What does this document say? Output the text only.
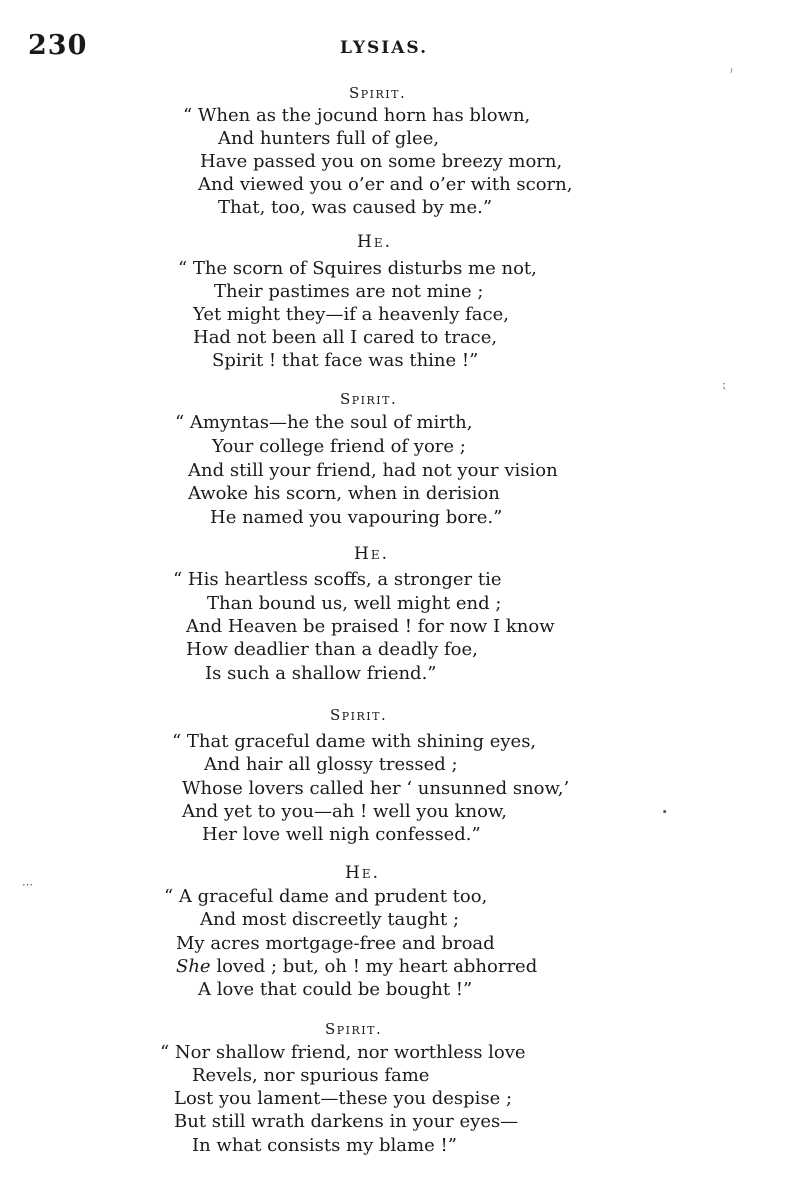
230	LYSIAS.
Spirit.
“ When as the jocund horn has blown,
And hunters full of glee,
Have passed you on some breezy morn,
And viewed you o’er and o’er with scorn,
That, too, was caused by me.”
He.
“ The scorn of Squires disturbs me not,
Their pastimes are not mine ;
Yet might they—if a heavenly face,
Had not been all I cared to trace,
Spirit ! that face was thine !”
Spirit.
“ Amyntas—he the soul of mirth,
Your college friend of yore ;
And still your friend, had not your vision
Awoke his scorn, when in derision
He named you vapouring bore.”
He.
“ His heartless scoffs, a stronger tie
Than bound us, well might end ;
And Heaven be praised ! for now I know
How deadlier than a deadly foe,
Is such a shallow friend.”
Spirit.
“ That graceful dame with shining eyes,
And hair all glossy tressed ;
Whose lovers called her ‘ unsunned snow,’
And yet to you—ah ! well you know,
Her love well nigh confessed.”
He.
“ A graceful dame and prudent too,
And most discreetly taught ;
My acres mortgage-free and broad
She loved ; but, oh ! my heart abhorred
A love that could be bought !”
Spirit.
“ Nor shallow friend, nor worthless love
Revels, nor spurious fame
Lost you lament—these you despise ;
But still wrath darkens in your eyes—
In what consists my blame !”
⁾
⁏
∙
⋯
